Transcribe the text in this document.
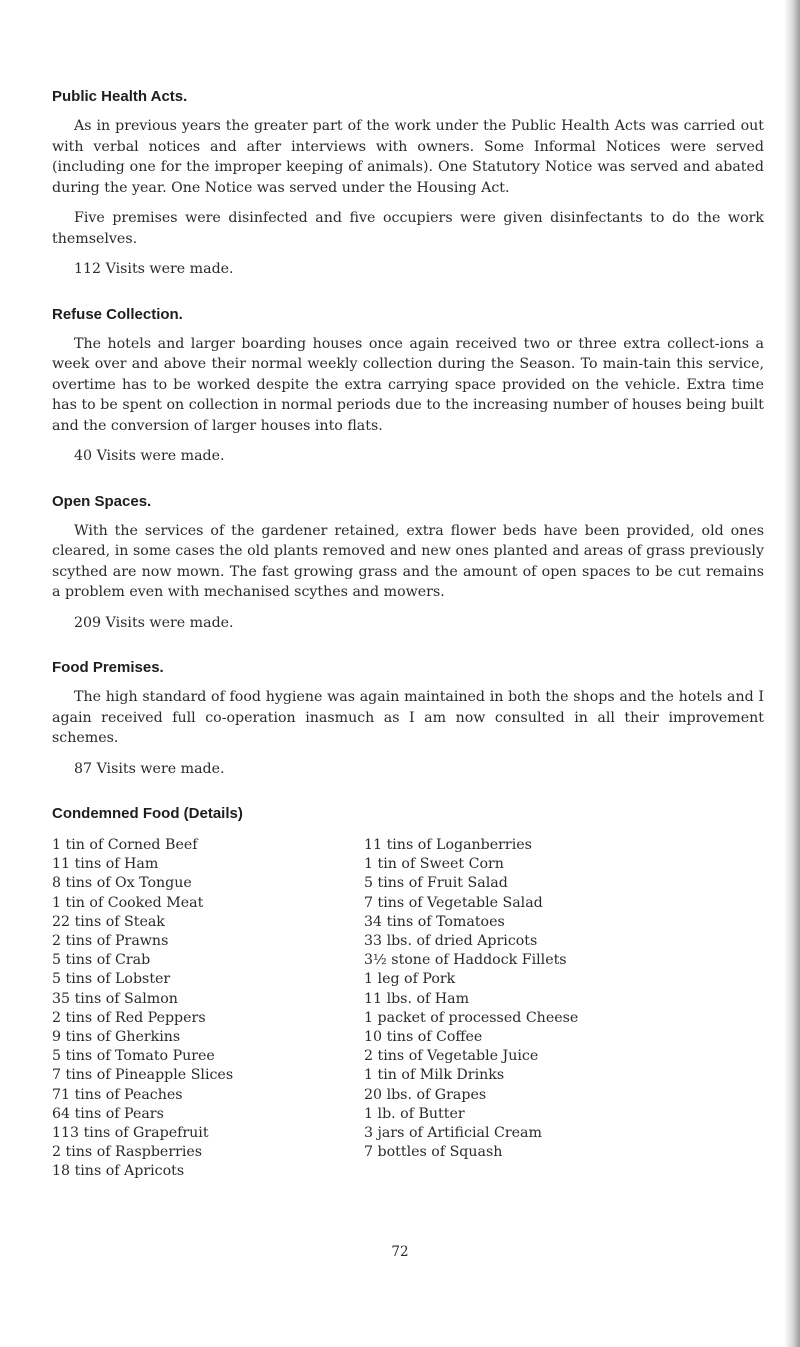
Public Health Acts.

As in previous years the greater part of the work under the Public Health Acts was carried out with verbal notices and after interviews with owners. Some Informal Notices were served (including one for the improper keeping of animals). One Statutory Notice was served and abated during the year. One Notice was served under the Housing Act.

Five premises were disinfected and five occupiers were given disinfectants to do the work themselves.

112 Visits were made.

Refuse Collection.

The hotels and larger boarding houses once again received two or three extra collect-ions a week over and above their normal weekly collection during the Season. To main-tain this service, overtime has to be worked despite the extra carrying space provided on the vehicle. Extra time has to be spent on collection in normal periods due to the increasing number of houses being built and the conversion of larger houses into flats.

40 Visits were made.

Open Spaces.

With the services of the gardener retained, extra flower beds have been provided, old ones cleared, in some cases the old plants removed and new ones planted and areas of grass previously scythed are now mown. The fast growing grass and the amount of open spaces to be cut remains a problem even with mechanised scythes and mowers.

209 Visits were made.

Food Premises.

The high standard of food hygiene was again maintained in both the shops and the hotels and I again received full co-operation inasmuch as I am now consulted in all their improvement schemes.

87 Visits were made.

Condemned Food (Details)
1 tin of Corned Beef
11 tins of Ham
8 tins of Ox Tongue
1 tin of Cooked Meat
22 tins of Steak
2 tins of Prawns
5 tins of Crab
5 tins of Lobster
35 tins of Salmon
2 tins of Red Peppers
9 tins of Gherkins
5 tins of Tomato Puree
7 tins of Pineapple Slices
71 tins of Peaches
64 tins of Pears
113 tins of Grapefruit
2 tins of Raspberries
18 tins of Apricots
11 tins of Loganberries
1 tin of Sweet Corn
5 tins of Fruit Salad
7 tins of Vegetable Salad
34 tins of Tomatoes
33 lbs. of dried Apricots
3½ stone of Haddock Fillets
1 leg of Pork
11 lbs. of Ham
1 packet of processed Cheese
10 tins of Coffee
2 tins of Vegetable Juice
1 tin of Milk Drinks
20 lbs. of Grapes
1 lb. of Butter
3 jars of Artificial Cream
7 bottles of Squash
72
